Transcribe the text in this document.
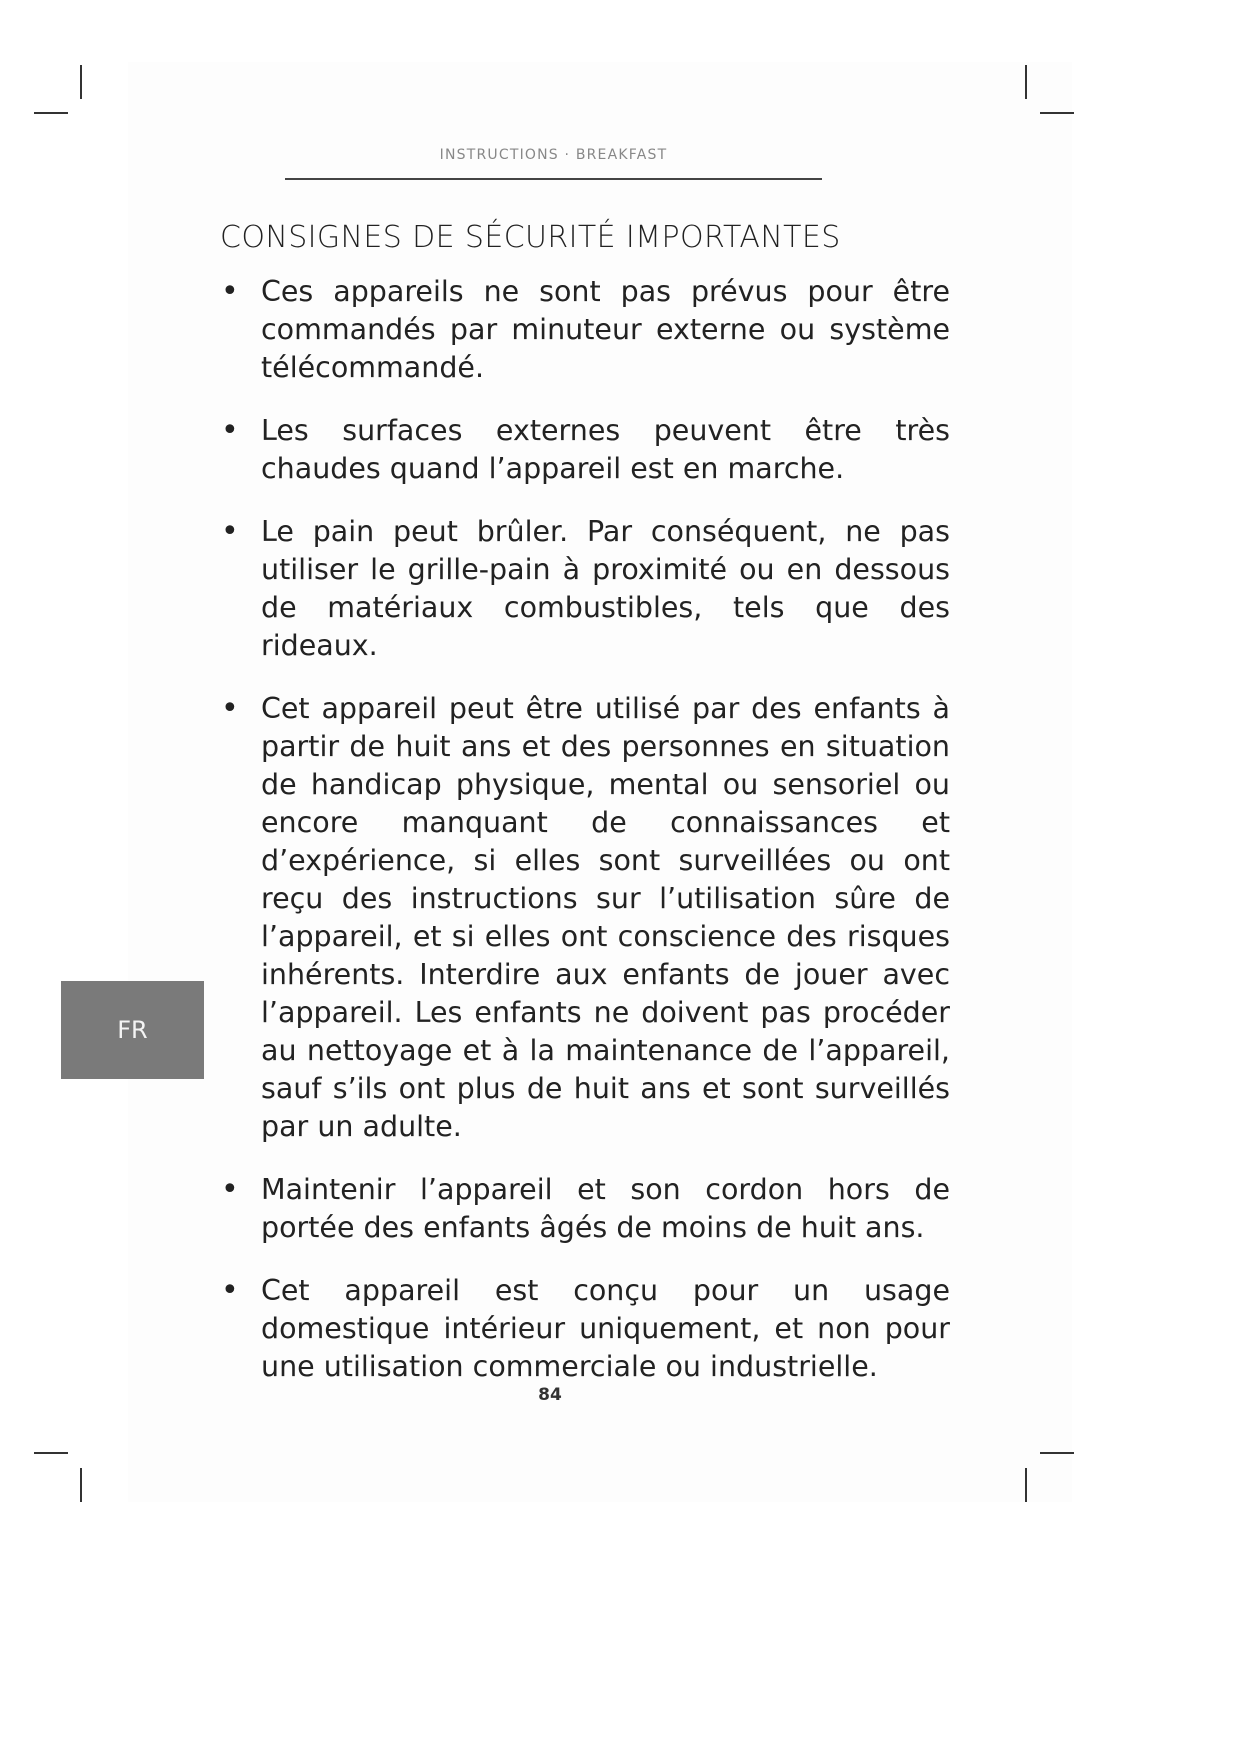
INSTRUCTIONS · BREAKFAST
CONSIGNES DE SÉCURITÉ IMPORTANTES

• Ces appareils ne sont pas prévus pour être commandés par minuteur externe ou système télécommandé.

• Les surfaces externes peuvent être très chaudes quand l’appareil est en marche.

• Le pain peut brûler. Par conséquent, ne pas utiliser le grille-pain à proximité ou en dessous de matériaux combustibles, tels que des rideaux.

• Cet appareil peut être utilisé par des enfants à partir de huit ans et des personnes en situation de handicap physique, mental ou sensoriel ou encore manquant de connaissances et d’expérience, si elles sont surveillées ou ont reçu des instructions sur l’utilisation sûre de l’appareil, et si elles ont conscience des risques inhérents. Interdire aux enfants de jouer avec l’appareil. Les enfants ne doivent pas procéder au nettoyage et à la maintenance de l’appareil, sauf s’ils ont plus de huit ans et sont surveillés par un adulte.

• Maintenir l’appareil et son cordon hors de portée des enfants âgés de moins de huit ans.

• Cet appareil est conçu pour un usage domestique intérieur uniquement, et non pour une utilisation commerciale ou industrielle.

FR
84
